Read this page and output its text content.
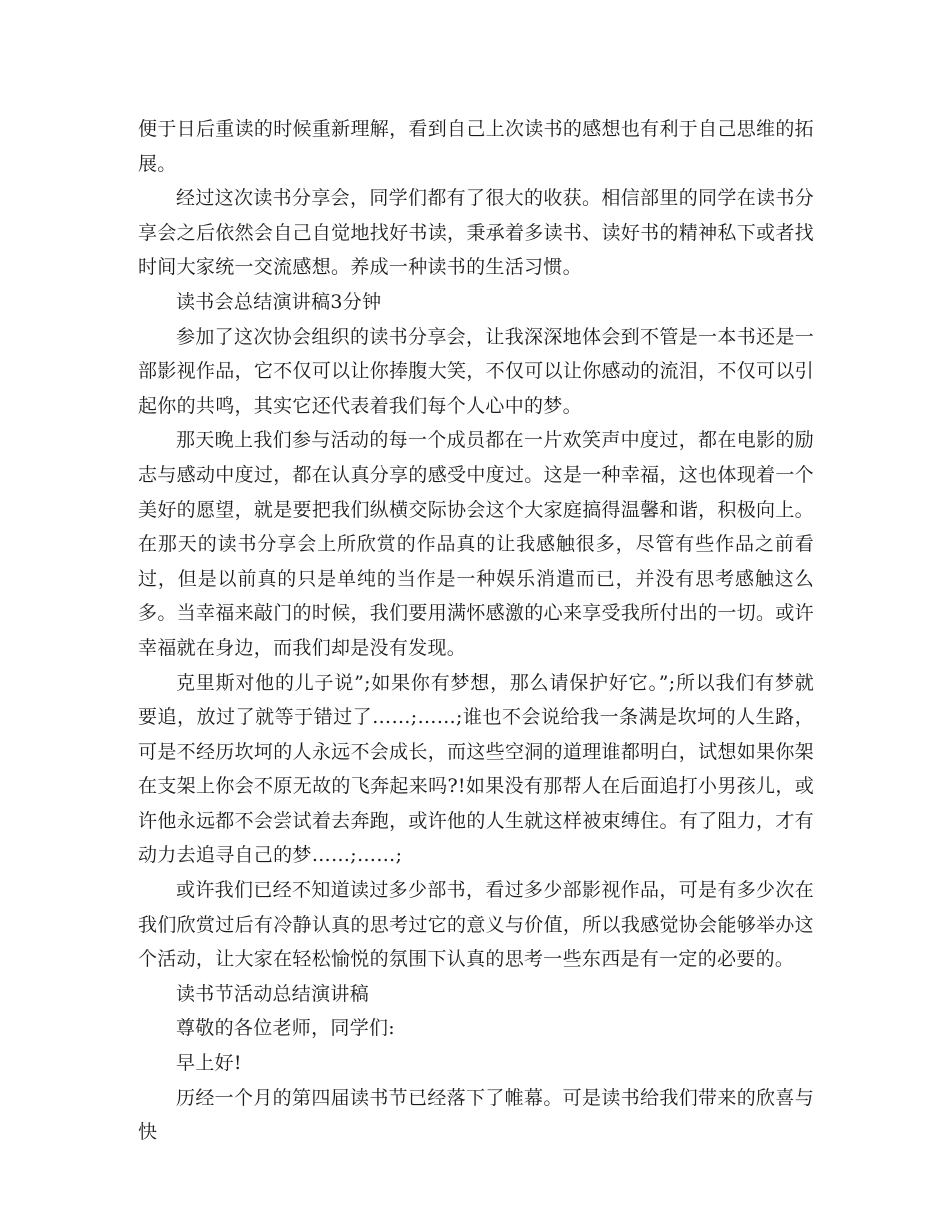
便于日后重读的时候重新理解，看到自己上次读书的感想也有利于自己思维的拓展。

经过这次读书分享会，同学们都有了很大的收获。相信部里的同学在读书分享会之后依然会自己自觉地找好书读，秉承着多读书、读好书的精神私下或者找时间大家统一交流感想。养成一种读书的生活习惯。

读书会总结演讲稿3分钟

参加了这次协会组织的读书分享会，让我深深地体会到不管是一本书还是一部影视作品，它不仅可以让你捧腹大笑，不仅可以让你感动的流泪，不仅可以引起你的共鸣，其实它还代表着我们每个人心中的梦。

那天晚上我们参与活动的每一个成员都在一片欢笑声中度过，都在电影的励志与感动中度过，都在认真分享的感受中度过。这是一种幸福，这也体现着一个美好的愿望，就是要把我们纵横交际协会这个大家庭搞得温馨和谐，积极向上。在那天的读书分享会上所欣赏的作品真的让我感触很多，尽管有些作品之前看过，但是以前真的只是单纯的当作是一种娱乐消遣而已，并没有思考感触这么多。当幸福来敲门的时候，我们要用满怀感激的心来享受我所付出的一切。或许幸福就在身边，而我们却是没有发现。

克里斯对他的儿子说”;如果你有梦想，那么请保护好它。”;所以我们有梦就要追，放过了就等于错过了……;……;谁也不会说给我一条满是坎坷的人生路，可是不经历坎坷的人永远不会成长，而这些空洞的道理谁都明白，试想如果你架在支架上你会不原无故的飞奔起来吗?!如果没有那帮人在后面追打小男孩儿，或许他永远都不会尝试着去奔跑，或许他的人生就这样被束缚住。有了阻力，才有动力去追寻自己的梦……;……;

或许我们已经不知道读过多少部书，看过多少部影视作品，可是有多少次在我们欣赏过后有冷静认真的思考过它的意义与价值，所以我感觉协会能够举办这个活动，让大家在轻松愉悦的氛围下认真的思考一些东西是有一定的必要的。

读书节活动总结演讲稿

尊敬的各位老师，同学们:

早上好!

历经一个月的第四届读书节已经落下了帷幕。可是读书给我们带来的欣喜与快
